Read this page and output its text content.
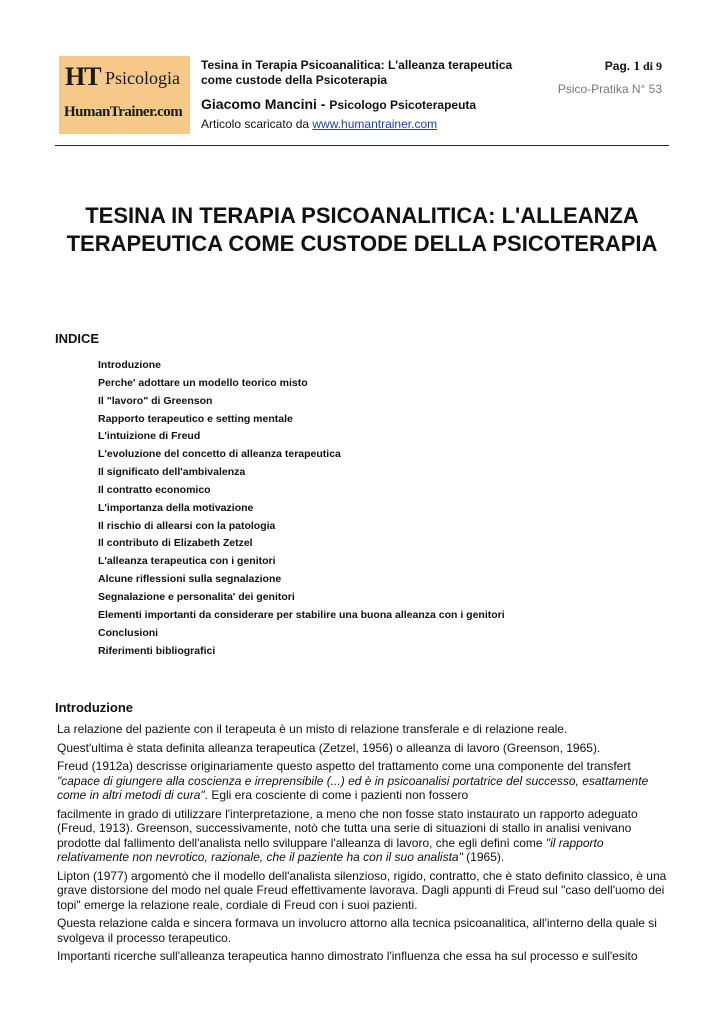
HT Psicologia
HumanTrainer.com
Tesina in Terapia Psicoanalitica: L'alleanza terapeutica come custode della Psicoterapia
Giacomo Mancini - Psicologo Psicoterapeuta
Articolo scaricato da www.humantrainer.com
Pag. 1 di 9
Psico-Pratika N° 53
TESINA IN TERAPIA PSICOANALITICA: L'ALLEANZA TERAPEUTICA COME CUSTODE DELLA PSICOTERAPIA
INDICE
Introduzione
Perche' adottare un modello teorico misto
Il "lavoro" di Greenson
Rapporto terapeutico e setting mentale
L'intuizione di Freud
L'evoluzione del concetto di alleanza terapeutica
Il significato dell'ambivalenza
Il contratto economico
L'importanza della motivazione
Il rischio di allearsi con la patologia
Il contributo di Elizabeth Zetzel
L'alleanza terapeutica con i genitori
Alcune riflessioni sulla segnalazione
Segnalazione e personalita' dei genitori
Elementi importanti da considerare per stabilire una buona alleanza con i genitori
Conclusioni
Riferimenti bibliografici
Introduzione

La relazione del paziente con il terapeuta è un misto di relazione transferale e di relazione reale.

Quest'ultima è stata definita alleanza terapeutica (Zetzel, 1956) o alleanza di lavoro (Greenson, 1965).

Freud (1912a) descrisse originariamente questo aspetto del trattamento come una componente del transfert "capace di giungere alla coscienza e irreprensibile (...) ed è in psicoanalisi portatrice del successo, esattamente come in altri metodi di cura". Egli era cosciente di come i pazienti non fossero

facilmente in grado di utilizzare l'interpretazione, a meno che non fosse stato instaurato un rapporto adeguato (Freud, 1913). Greenson, successivamente, notò che tutta una serie di situazioni di stallo in analisi venivano prodotte dal fallimento dell'analista nello sviluppare l'alleanza di lavoro, che egli definì come "il rapporto relativamente non nevrotico, razionale, che il paziente ha con il suo analista" (1965).

Lipton (1977) argomentò che il modello dell'analista silenzioso, rigido, contratto, che è stato definito classico, è una grave distorsione del modo nel quale Freud effettivamente lavorava. Dagli appunti di Freud sul "caso dell'uomo dei topi" emerge la relazione reale, cordiale di Freud con i suoi pazienti.

Questa relazione calda e sincera formava un involucro attorno alla tecnica psicoanalitica, all'interno della quale si svolgeva il processo terapeutico.

Importanti ricerche sull'alleanza terapeutica hanno dimostrato l'influenza che essa ha sul processo e sull'esito
